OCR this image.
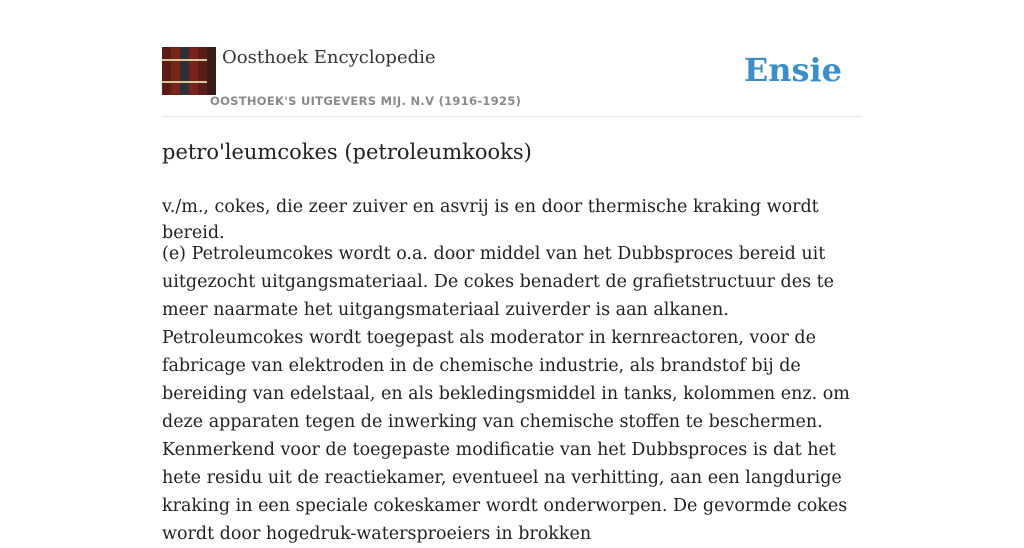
Oosthoek Encyclopedie
OOSTHOEK'S UITGEVERS MIJ. N.V (1916-1925)
Ensie
petro'leumcokes (petroleumkooks)
v./m., cokes, die zeer zuiver en asvrij is en door thermische kraking wordt bereid.

(e) Petroleumcokes wordt o.a. door middel van het Dubbsproces bereid uit uitgezocht uitgangsmateriaal. De cokes benadert de grafietstructuur des te meer naarmate het uitgangsmateriaal zuiverder is aan alkanen. Petroleumcokes wordt toegepast als moderator in kernreactoren, voor de fabricage van elektroden in de chemische industrie, als brandstof bij de bereiding van edelstaal, en als bekledingsmiddel in tanks, kolommen enz. om deze apparaten tegen de inwerking van chemische stoffen te beschermen. Kenmerkend voor de toegepaste modificatie van het Dubbsproces is dat het hete residu uit de reactiekamer, eventueel na verhitting, aan een langdurige kraking in een speciale cokeskamer wordt onderworpen. De gevormde cokes wordt door hogedruk-watersproeiers in brokken
